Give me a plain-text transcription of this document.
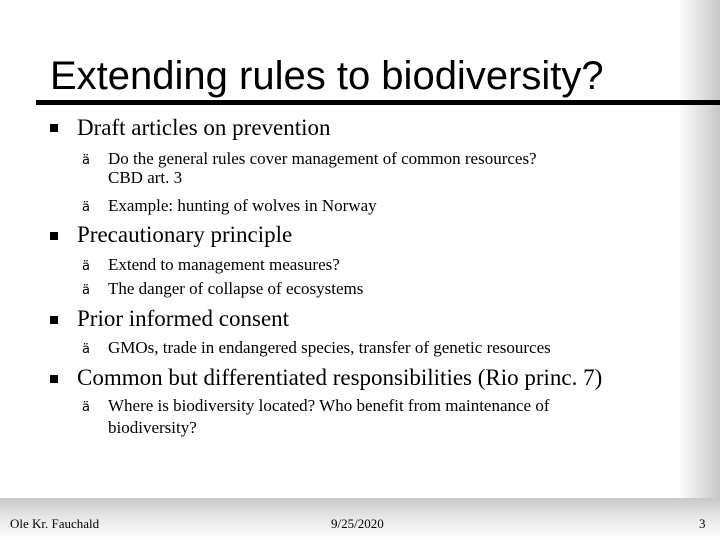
Extending rules to biodiversity?
Draft articles on prevention
ä Do the general rules cover management of common resources?
CBD art. 3
ä Example: hunting of wolves in Norway
Precautionary principle
ä Extend to management measures?
ä The danger of collapse of ecosystems
Prior informed consent
ä GMOs, trade in endangered species, transfer of genetic resources
Common but differentiated responsibilities (Rio princ. 7)
ä Where is biodiversity located? Who benefit from maintenance of
biodiversity?
Ole Kr. Fauchald	9/25/2020	3
